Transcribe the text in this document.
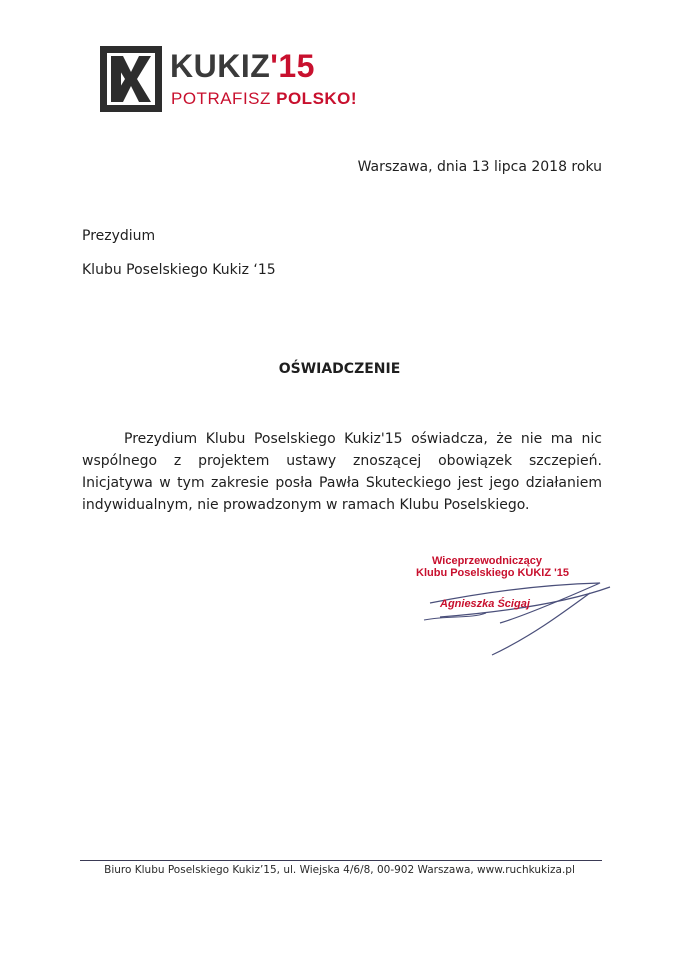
KUKIZ'15
POTRAFISZ POLSKO!
Warszawa, dnia 13 lipca 2018 roku
Prezydium
Klubu Poselskiego Kukiz ‘15
OŚWIADCZENIE

Prezydium Klubu Poselskiego Kukiz'15 oświadcza, że nie ma nic wspólnego z projektem ustawy znoszącej obowiązek szczepień. Inicjatywa w tym zakresie posła Pawła Skuteckiego jest jego działaniem indywidualnym, nie prowadzonym w ramach Klubu Poselskiego.

Wiceprzewodniczący
Klubu Poselskiego KUKIZ '15
Agnieszka Ścigaj
Biuro Klubu Poselskiego Kukiz’15, ul. Wiejska 4/6/8, 00-902 Warszawa, www.ruchkukiza.pl
